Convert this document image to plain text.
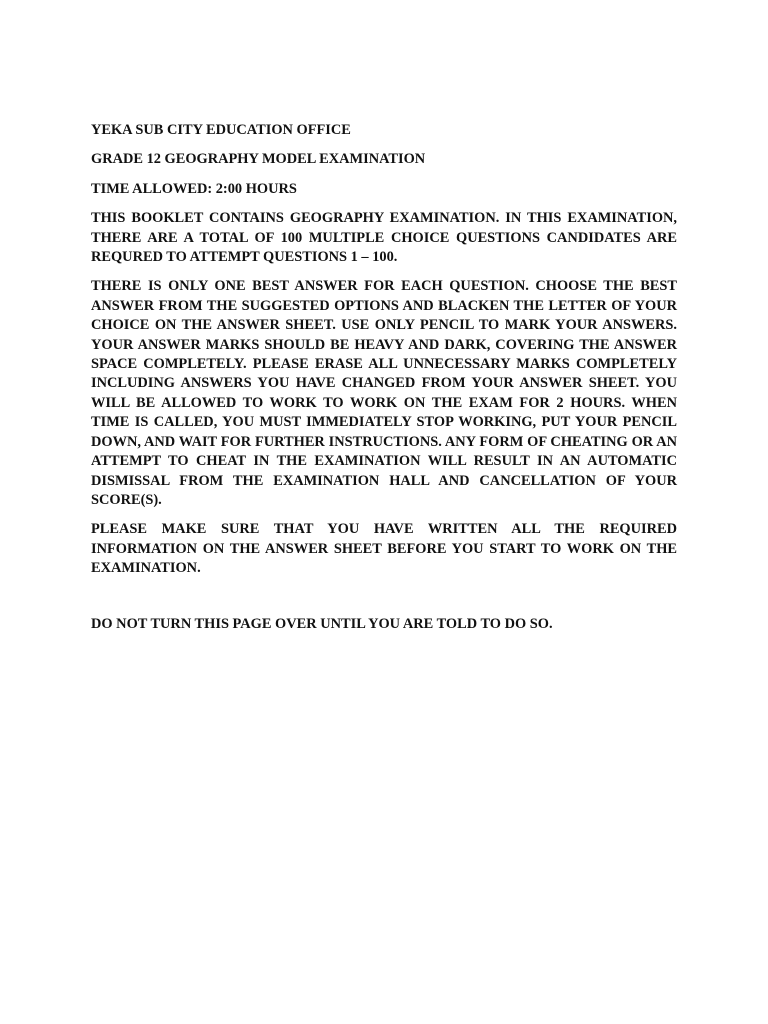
YEKA SUB CITY EDUCATION OFFICE

GRADE 12 GEOGRAPHY MODEL EXAMINATION

TIME ALLOWED: 2:00 HOURS

THIS BOOKLET CONTAINS GEOGRAPHY EXAMINATION. IN THIS EXAMINATION, THERE ARE A TOTAL OF 100 MULTIPLE CHOICE QUESTIONS CANDIDATES ARE REQURED TO ATTEMPT QUESTIONS 1 – 100.

THERE IS ONLY ONE BEST ANSWER FOR EACH QUESTION. CHOOSE THE BEST ANSWER FROM THE SUGGESTED OPTIONS AND BLACKEN THE LETTER OF YOUR CHOICE ON THE ANSWER SHEET. USE ONLY PENCIL TO MARK YOUR ANSWERS. YOUR ANSWER MARKS SHOULD BE HEAVY AND DARK, COVERING THE ANSWER SPACE COMPLETELY. PLEASE ERASE ALL UNNECESSARY MARKS COMPLETELY INCLUDING ANSWERS YOU HAVE CHANGED FROM YOUR ANSWER SHEET. YOU WILL BE ALLOWED TO WORK TO WORK ON THE EXAM FOR 2 HOURS. WHEN TIME IS CALLED, YOU MUST IMMEDIATELY STOP WORKING, PUT YOUR PENCIL DOWN, AND WAIT FOR FURTHER INSTRUCTIONS. ANY FORM OF CHEATING OR AN ATTEMPT TO CHEAT IN THE EXAMINATION WILL RESULT IN AN AUTOMATIC DISMISSAL FROM THE EXAMINATION HALL AND CANCELLATION OF YOUR SCORE(S).

PLEASE MAKE SURE THAT YOU HAVE WRITTEN ALL THE REQUIRED INFORMATION ON THE ANSWER SHEET BEFORE YOU START TO WORK ON THE EXAMINATION.

DO NOT TURN THIS PAGE OVER UNTIL YOU ARE TOLD TO DO SO.
